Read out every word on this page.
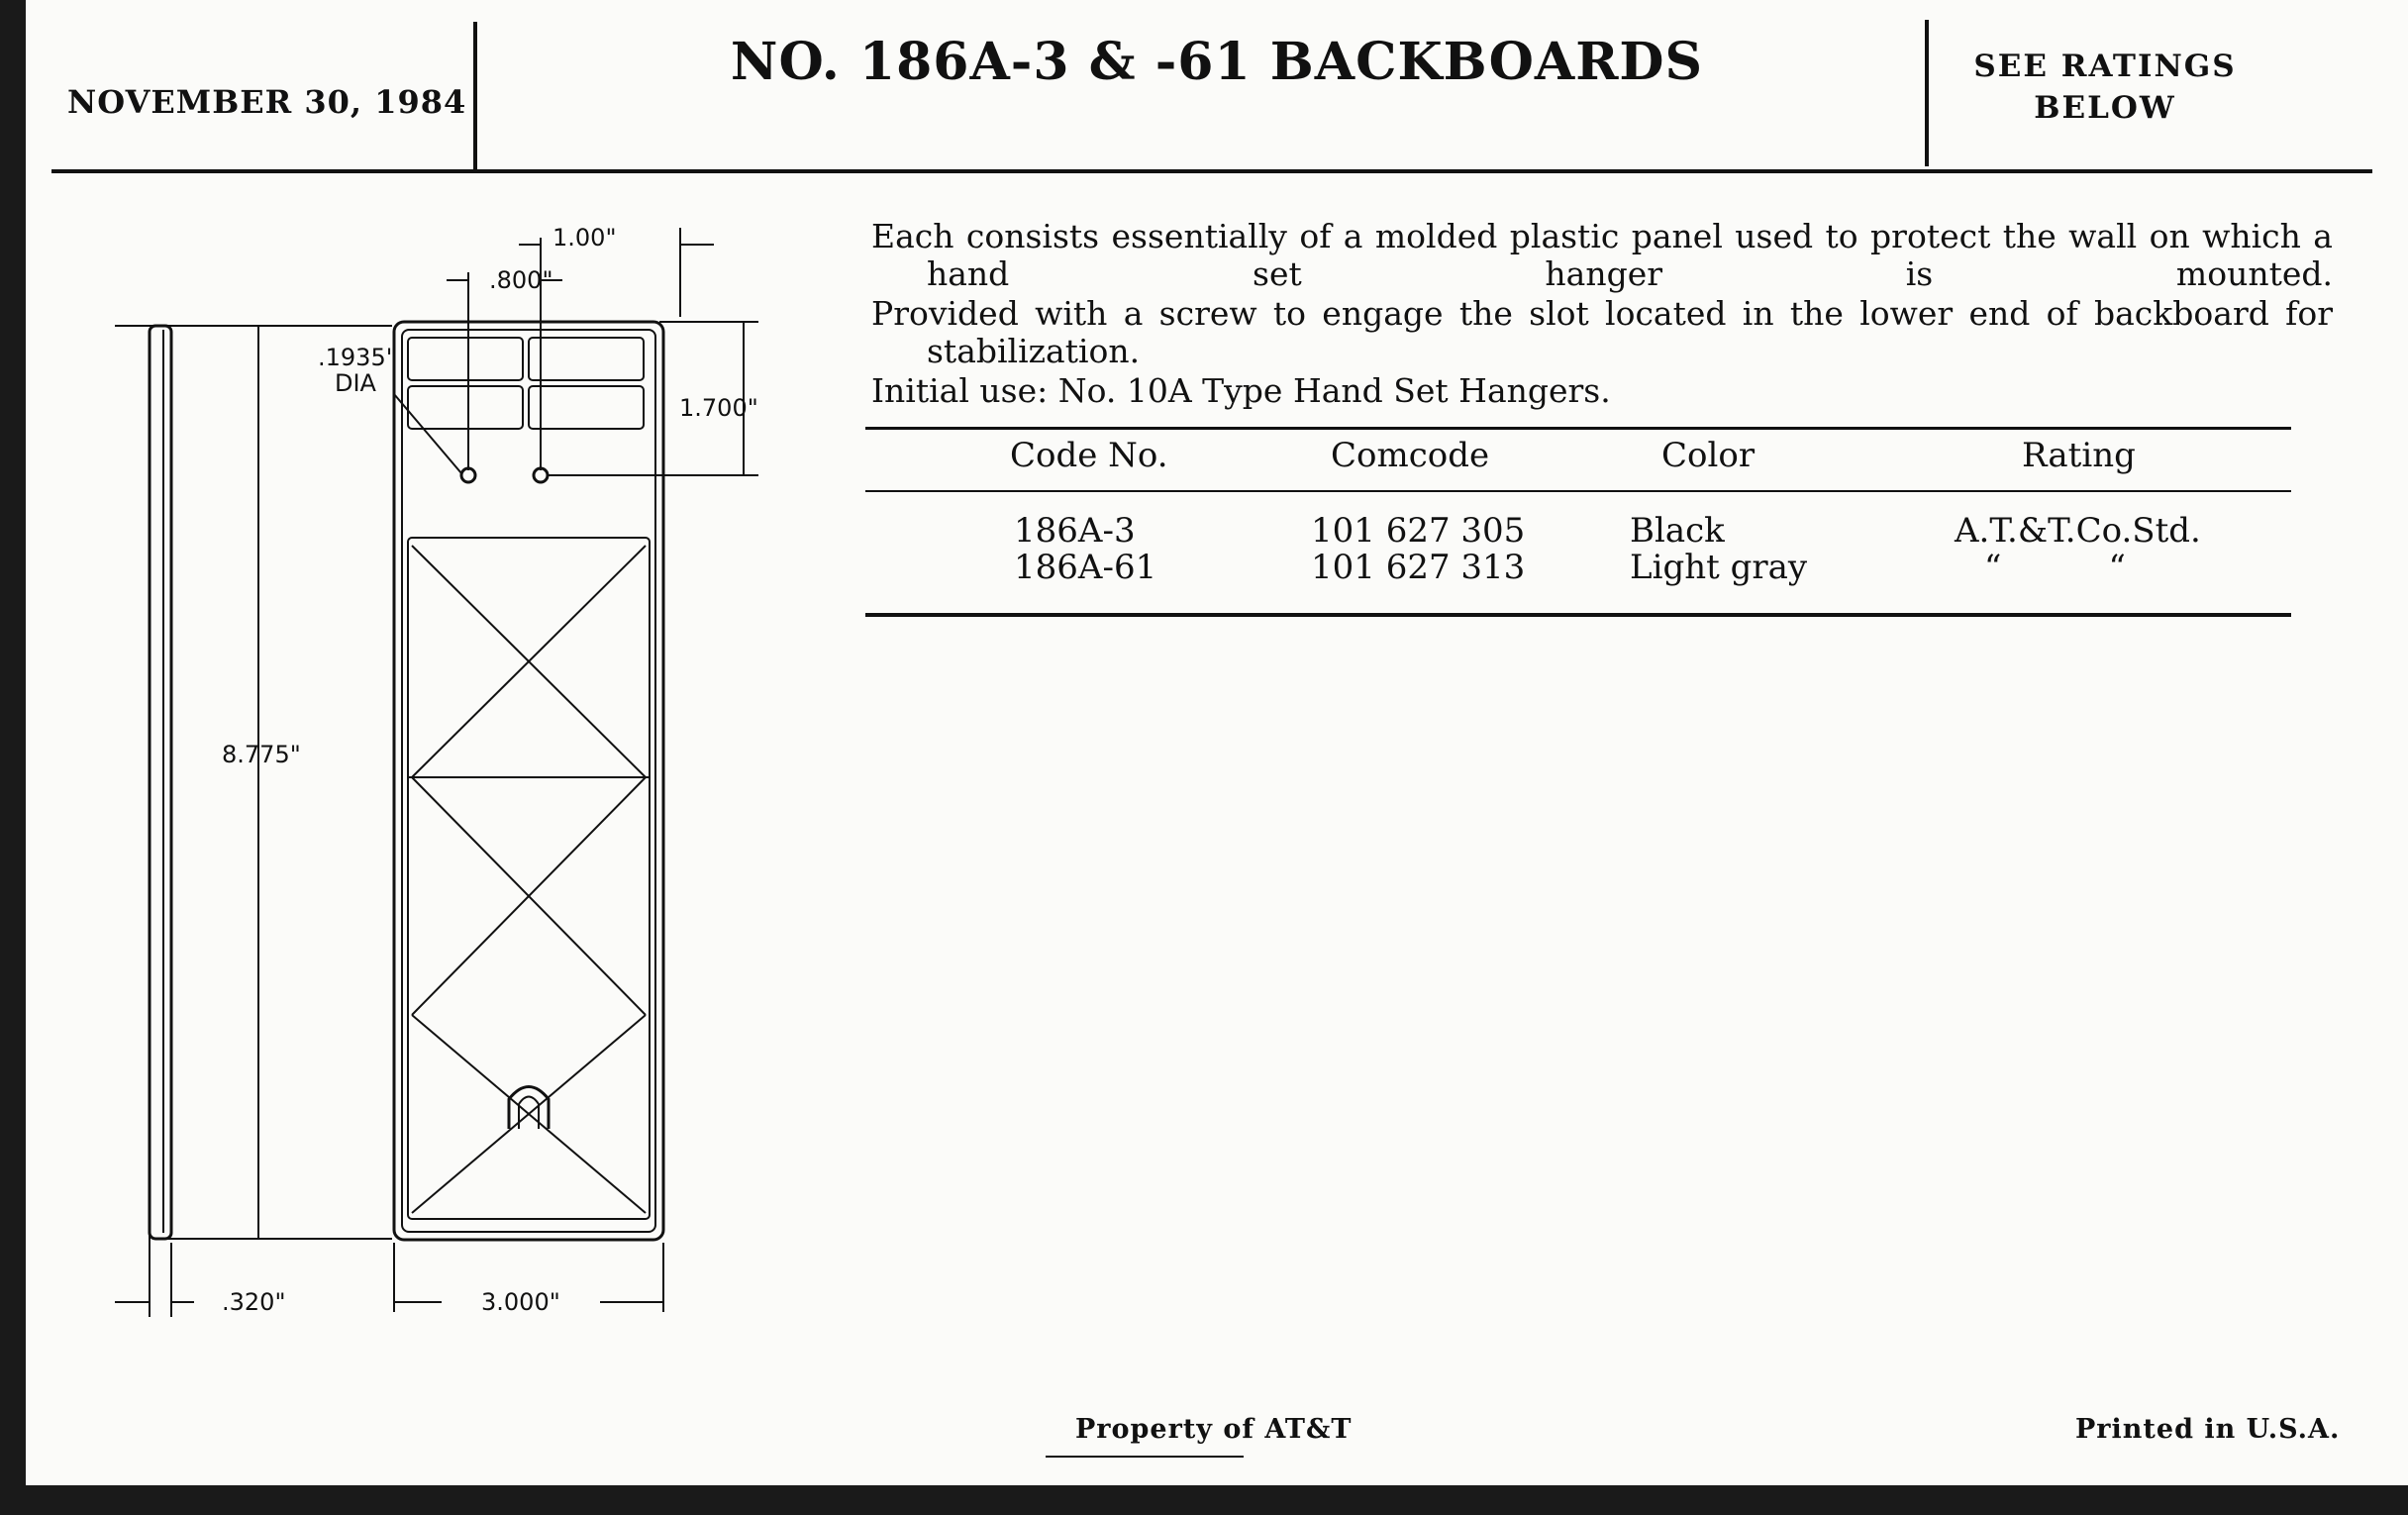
NOVEMBER 30, 1984
NO. 186A-3 & -61 BACKBOARDS	SEE RATINGS
BELOW
1.00"
.800"
.1935"
DIA
1.700"
8.775"
.320"	3.000"

Each consists essentially of a molded plastic panel used to protect the wall on which a hand set hanger is mounted.

Provided with a screw to engage the slot located in the lower end of backboard for stabilization.

Initial use: No. 10A Type Hand Set Hangers.

Code No.	Comcode	Color	Rating
186A-3	101 627 305	Black	A.T.&T.Co.Std.
186A-61	101 627 313	Light gray	“          “
Property of AT&T	Printed in U.S.A.
